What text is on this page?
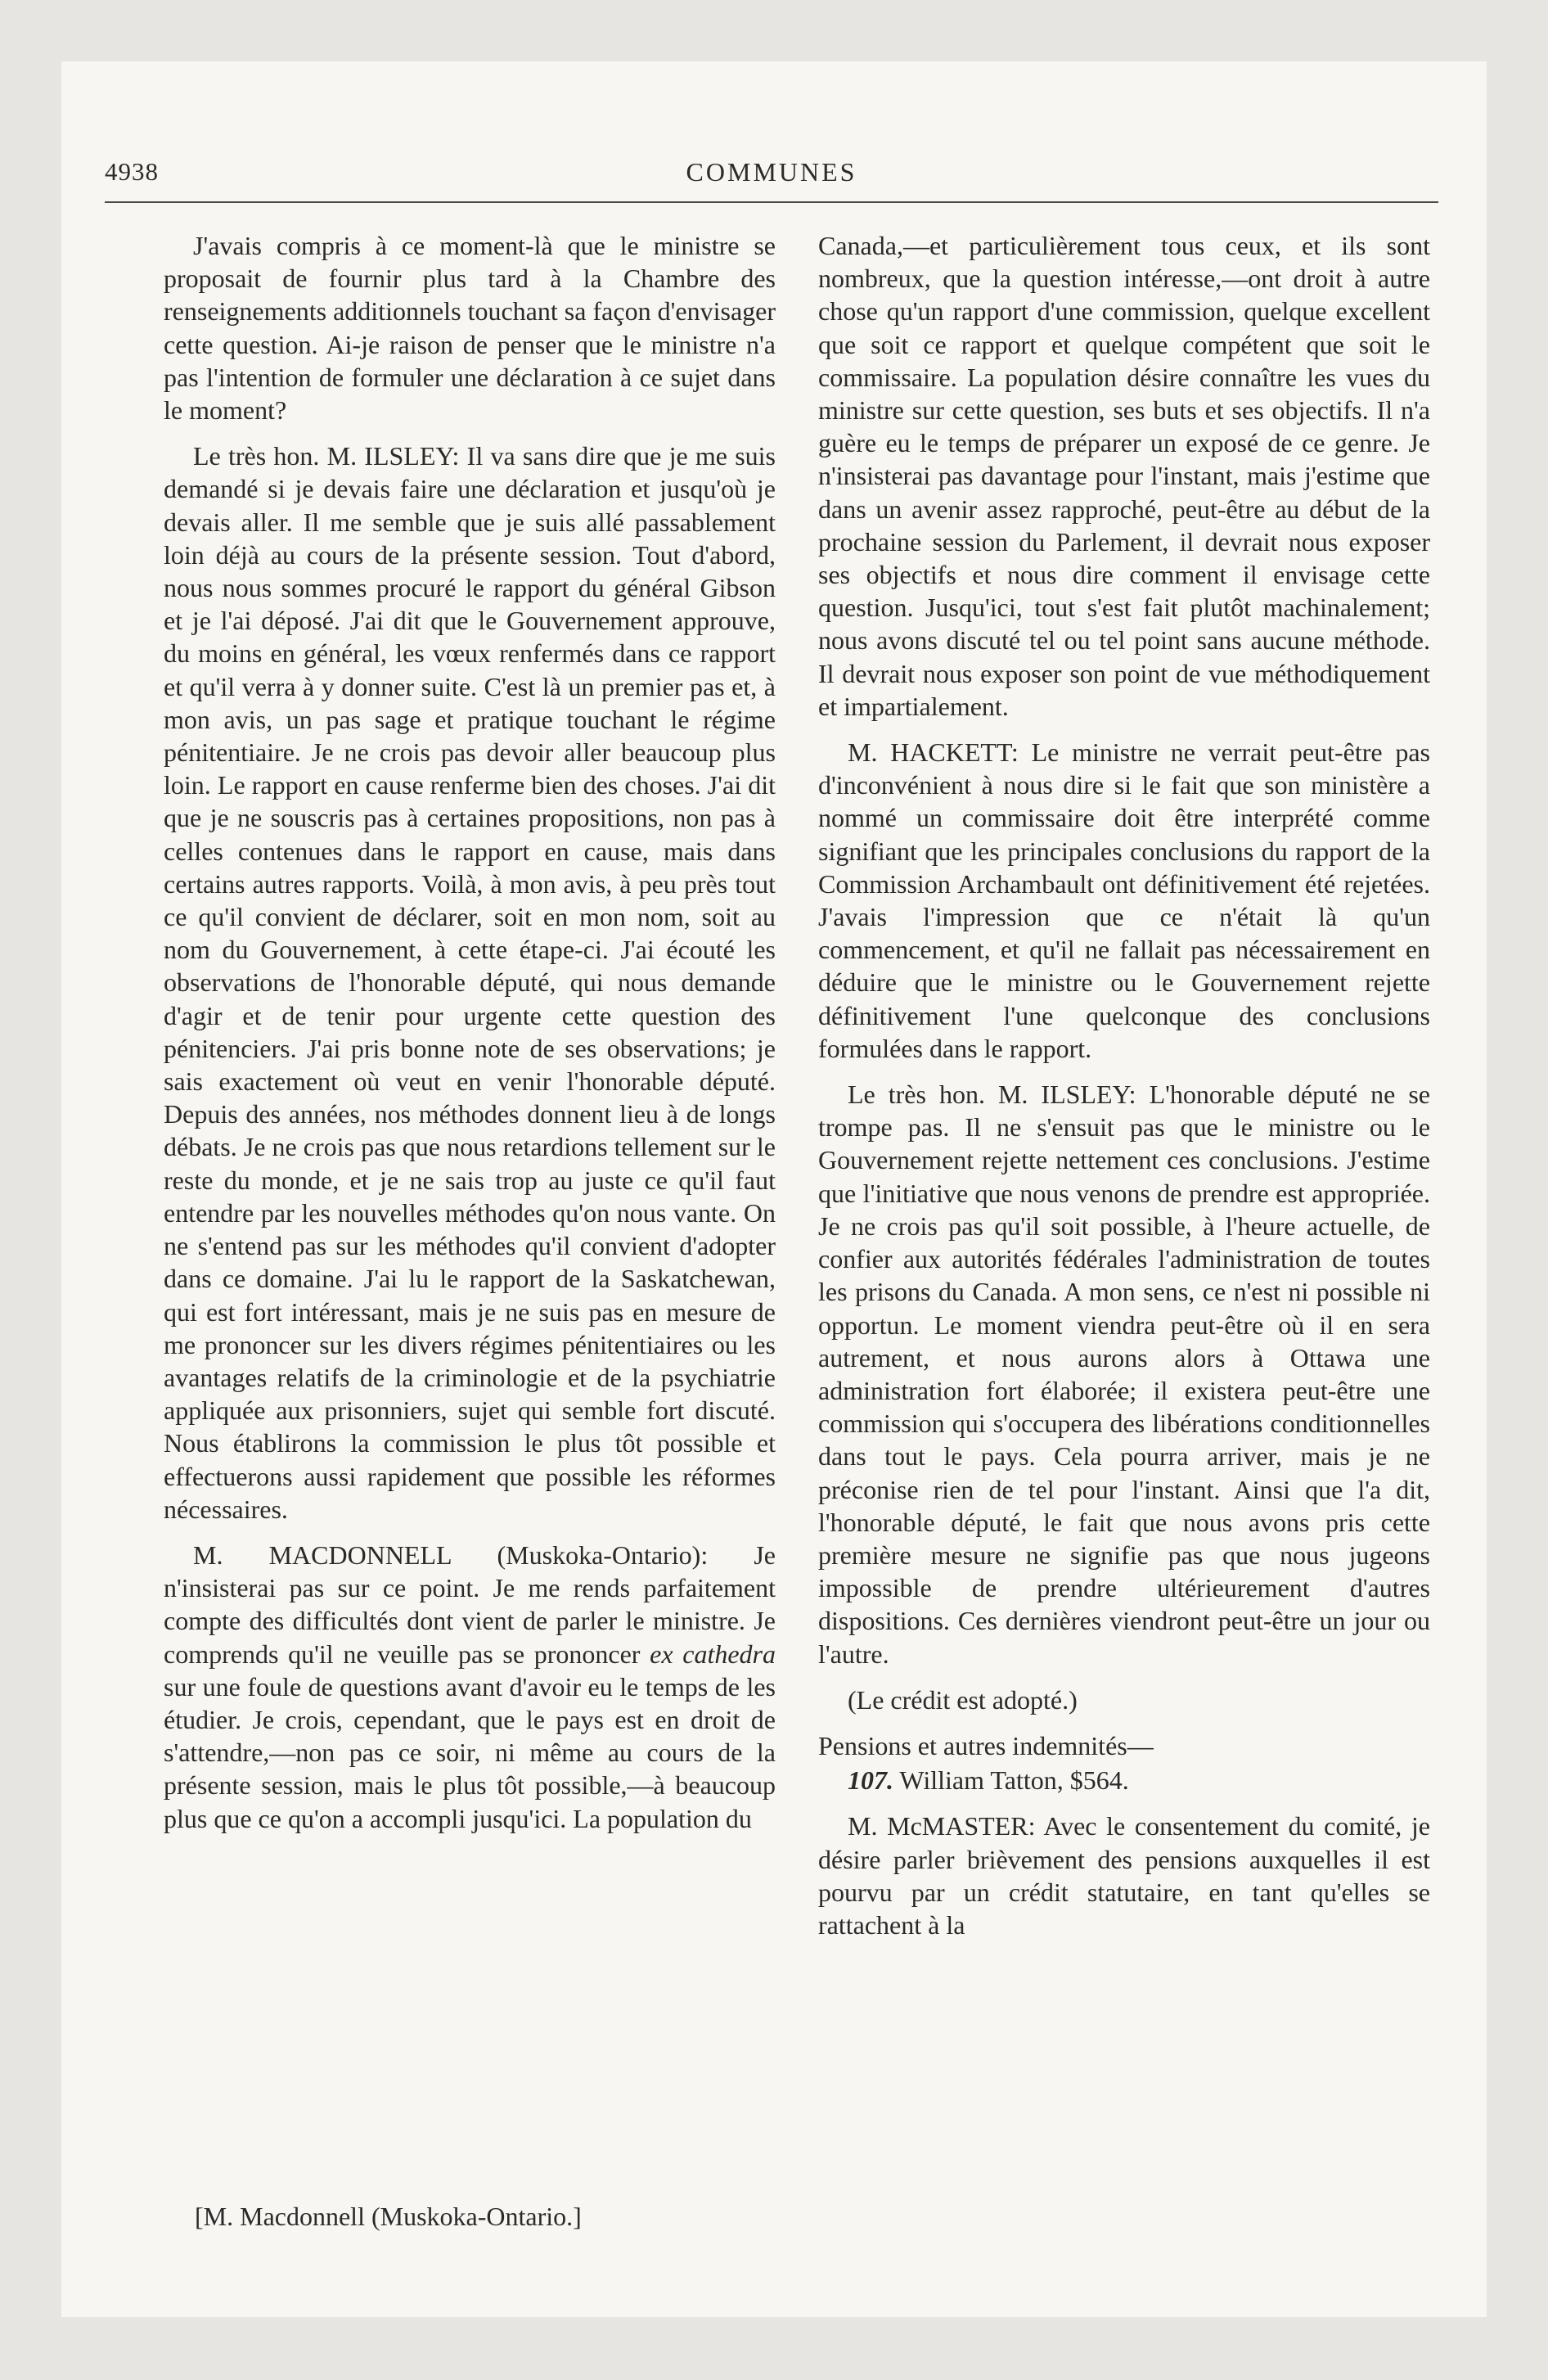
4938	COMMUNES

J'avais compris à ce moment-là que le ministre se proposait de fournir plus tard à la Chambre des renseignements additionnels touchant sa façon d'envisager cette question. Ai-je raison de penser que le ministre n'a pas l'intention de formuler une déclaration à ce sujet dans le moment?

Le très hon. M. ILSLEY: Il va sans dire que je me suis demandé si je devais faire une déclaration et jusqu'où je devais aller. Il me semble que je suis allé passablement loin déjà au cours de la présente session. Tout d'abord, nous nous sommes procuré le rapport du général Gibson et je l'ai déposé. J'ai dit que le Gouvernement approuve, du moins en général, les vœux renfermés dans ce rapport et qu'il verra à y donner suite. C'est là un premier pas et, à mon avis, un pas sage et pratique touchant le régime pénitentiaire. Je ne crois pas devoir aller beaucoup plus loin. Le rapport en cause renferme bien des choses. J'ai dit que je ne souscris pas à certaines propositions, non pas à celles contenues dans le rapport en cause, mais dans certains autres rapports. Voilà, à mon avis, à peu près tout ce qu'il convient de déclarer, soit en mon nom, soit au nom du Gouvernement, à cette étape-ci. J'ai écouté les observations de l'honorable député, qui nous demande d'agir et de tenir pour urgente cette question des pénitenciers. J'ai pris bonne note de ses observations; je sais exactement où veut en venir l'honorable député. Depuis des années, nos méthodes donnent lieu à de longs débats. Je ne crois pas que nous retardions tellement sur le reste du monde, et je ne sais trop au juste ce qu'il faut entendre par les nouvelles méthodes qu'on nous vante. On ne s'entend pas sur les méthodes qu'il convient d'adopter dans ce domaine. J'ai lu le rapport de la Saskatchewan, qui est fort intéressant, mais je ne suis pas en mesure de me prononcer sur les divers régimes pénitentiaires ou les avantages relatifs de la criminologie et de la psychiatrie appliquée aux prisonniers, sujet qui semble fort discuté. Nous établirons la commission le plus tôt possible et effectuerons aussi rapidement que possible les réformes nécessaires.

M. MACDONNELL (Muskoka-Ontario): Je n'insisterai pas sur ce point. Je me rends parfaitement compte des difficultés dont vient de parler le ministre. Je comprends qu'il ne veuille pas se prononcer ex cathedra sur une foule de questions avant d'avoir eu le temps de les étudier. Je crois, cependant, que le pays est en droit de s'attendre,—non pas ce soir, ni même au cours de la présente session, mais le plus tôt possible,—à beaucoup plus que ce qu'on a accompli jusqu'ici. La population du

Canada,—et particulièrement tous ceux, et ils sont nombreux, que la question intéresse,—ont droit à autre chose qu'un rapport d'une commission, quelque excellent que soit ce rapport et quelque compétent que soit le commissaire. La population désire connaître les vues du ministre sur cette question, ses buts et ses objectifs. Il n'a guère eu le temps de préparer un exposé de ce genre. Je n'insisterai pas davantage pour l'instant, mais j'estime que dans un avenir assez rapproché, peut-être au début de la prochaine session du Parlement, il devrait nous exposer ses objectifs et nous dire comment il envisage cette question. Jusqu'ici, tout s'est fait plutôt machinalement; nous avons discuté tel ou tel point sans aucune méthode. Il devrait nous exposer son point de vue méthodiquement et impartialement.

M. HACKETT: Le ministre ne verrait peut-être pas d'inconvénient à nous dire si le fait que son ministère a nommé un commissaire doit être interprété comme signifiant que les principales conclusions du rapport de la Commission Archambault ont définitivement été rejetées. J'avais l'impression que ce n'était là qu'un commencement, et qu'il ne fallait pas nécessairement en déduire que le ministre ou le Gouvernement rejette définitivement l'une quelconque des conclusions formulées dans le rapport.

Le très hon. M. ILSLEY: L'honorable député ne se trompe pas. Il ne s'ensuit pas que le ministre ou le Gouvernement rejette nettement ces conclusions. J'estime que l'initiative que nous venons de prendre est appropriée. Je ne crois pas qu'il soit possible, à l'heure actuelle, de confier aux autorités fédérales l'administration de toutes les prisons du Canada. A mon sens, ce n'est ni possible ni opportun. Le moment viendra peut-être où il en sera autrement, et nous aurons alors à Ottawa une administration fort élaborée; il existera peut-être une commission qui s'occupera des libérations conditionnelles dans tout le pays. Cela pourra arriver, mais je ne préconise rien de tel pour l'instant. Ainsi que l'a dit, l'honorable député, le fait que nous avons pris cette première mesure ne signifie pas que nous jugeons impossible de prendre ultérieurement d'autres dispositions. Ces dernières viendront peut-être un jour ou l'autre.

(Le crédit est adopté.)

Pensions et autres indemnités—

107. William Tatton, $564.

M. McMASTER: Avec le consentement du comité, je désire parler brièvement des pensions auxquelles il est pourvu par un crédit statutaire, en tant qu'elles se rattachent à la

[M. Macdonnell (Muskoka-Ontario.]
